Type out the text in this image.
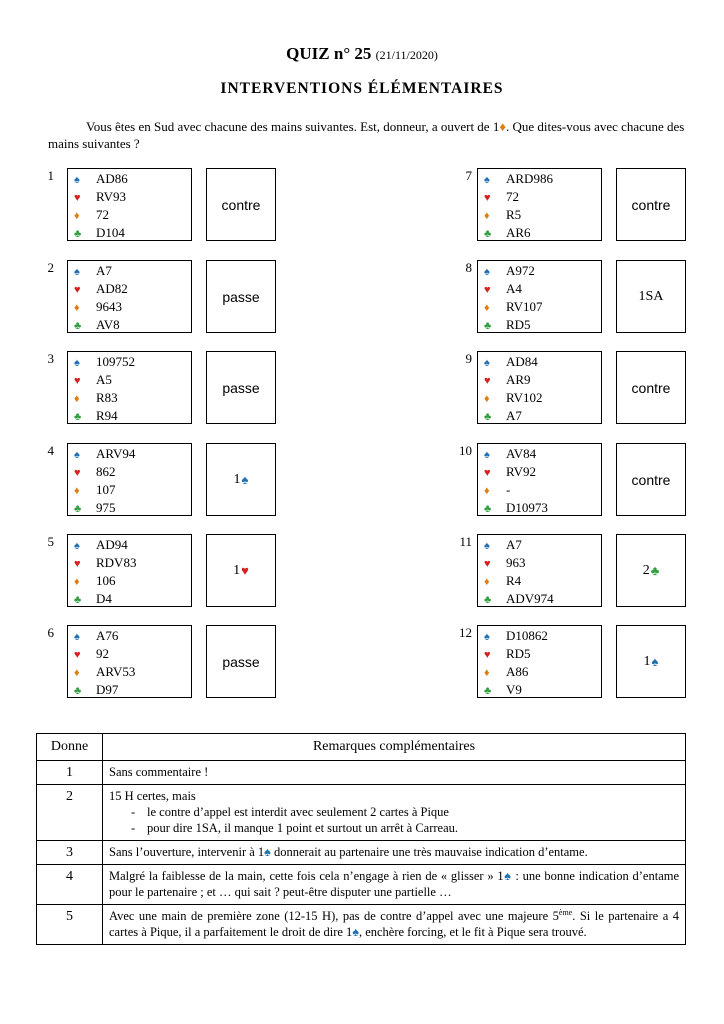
QUIZ n° 25 (21/11/2020)
INTERVENTIONS ÉLÉMENTAIRES
Vous êtes en Sud avec chacune des mains suivantes. Est, donneur, a ouvert de 1♦. Que dites-vous avec chacune des mains suivantes ?
1 ♠ AD86
♥ RV93
♦ 72
♣ D104
contre
2 ♠ A7
♥ AD82
♦ 9643
♣ AV8
passe
3 ♠ 109752
♥ A5
♦ R83
♣ R94
passe
4 ♠ ARV94
♥ 862
♦ 107
♣ 975
1 ♠
5 ♠ AD94
♥ RDV83
♦ 106
♣ D4
1 ♥
6 ♠ A76
♥ 92
♦ ARV53
♣ D97
passe
7 ♠ ARD986
♥ 72
♦ R5
♣ AR6
contre
8 ♠ A972
♥ A4
♦ RV107
♣ RD5
1SA
9 ♠ AD84
♥ AR9
♦ RV102
♣ A7
contre
10 ♠ AV84
♥ RV92
♦ -
♣ D10973
contre
11 ♠ A7
♥ 963
♦ R4
♣ ADV974
2 ♣
12 ♠ D10862
♥ RD5
♦ A86
♣ V9
1 ♠
Donne	Remarques complémentaires
1	Sans commentaire !
2	15 H certes, mais
- le contre d’appel est interdit avec seulement 2 cartes à Pique
- pour dire 1SA, il manque 1 point et surtout un arrêt à Carreau.

3	Sans l’ouverture, intervenir à 1♠ donnerait au partenaire une très mauvaise indication d’entame.
4	Malgré la faiblesse de la main, cette fois cela n’engage à rien de « glisser » 1♠ : une bonne indication d’entame pour le partenaire ; et … qui sait ? peut-être disputer une partielle …
5	Avec une main de première zone (12-15 H), pas de contre d’appel avec une majeure 5ème. Si le partenaire a 4 cartes à Pique, il a parfaitement le droit de dire 1♠, enchère forcing, et le fit à Pique sera trouvé.
